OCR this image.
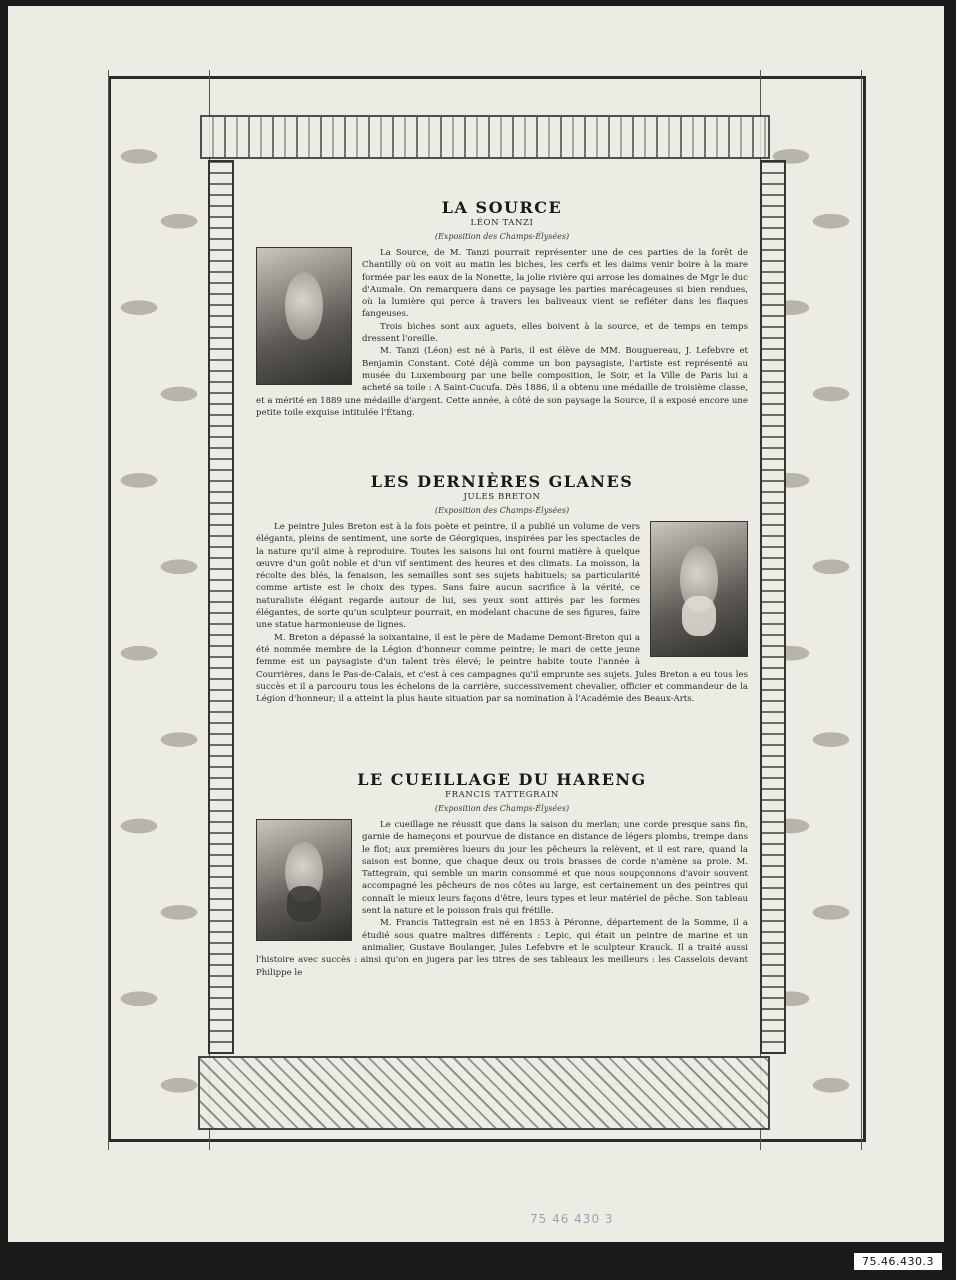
LA SOURCE
LÉON TANZI
(Exposition des Champs-Élysées)

La Source, de M. Tanzi pourrait représenter une de ces parties de la forêt de Chantilly où on voit au matin les biches, les cerfs et les daims venir boire à la mare formée par les eaux de la Nonette, la jolie rivière qui arrose les domaines de Mgr le duc d'Aumale. On remarquera dans ce paysage les parties marécageuses si bien rendues, où la lumière qui perce à travers les baliveaux vient se refléter dans les flaques fangeuses.

Trois biches sont aux aguets, elles boivent à la source, et de temps en temps dressent l'oreille.

M. Tanzi (Léon) est né à Paris, il est élève de MM. Bouguereau, J. Lefebvre et Benjamin Constant. Coté déjà comme un bon paysagiste, l'artiste est représenté au musée du Luxembourg par une belle composition, le Soir, et la Ville de Paris lui a acheté sa toile : A Saint-Cucufa. Dès 1886, il a obtenu une médaille de troisième classe, et a mérité en 1889 une médaille d'argent. Cette année, à côté de son paysage la Source, il a exposé encore une petite toile exquise intitulée l'Étang.

LES DERNIÈRES GLANES
JULES BRETON
(Exposition des Champs-Élysées)

Le peintre Jules Breton est à la fois poète et peintre, il a publié un volume de vers élégants, pleins de sentiment, une sorte de Géorgiques, inspirées par les spectacles de la nature qu'il aime à reproduire. Toutes les saisons lui ont fourni matière à quelque œuvre d'un goût noble et d'un vif sentiment des heures et des climats. La moisson, la récolte des blés, la fenaison, les semailles sont ses sujets habituels; sa particularité comme artiste est le choix des types. Sans faire aucun sacrifice à la vérité, ce naturaliste élégant regarde autour de lui, ses yeux sont attirés par les formes élégantes, de sorte qu'un sculpteur pourrait, en modelant chacune de ses figures, faire une statue harmonieuse de lignes.

M. Breton a dépassé la soixantaine, il est le père de Madame Demont-Breton qui a été nommée membre de la Légion d'honneur comme peintre; le mari de cette jeune femme est un paysagiste d'un talent très élevé; le peintre habite toute l'année à Courrières, dans le Pas-de-Calais, et c'est à ces campagnes qu'il emprunte ses sujets. Jules Breton a eu tous les succès et il a parcouru tous les échelons de la carrière, successivement chevalier, officier et commandeur de la Légion d'honneur; il a atteint la plus haute situation par sa nomination à l'Académie des Beaux-Arts.

LE CUEILLAGE DU HARENG
FRANCIS TATTEGRAIN
(Exposition des Champs-Élysées)

Le cueillage ne réussit que dans la saison du merlan; une corde presque sans fin, garnie de hameçons et pourvue de distance en distance de légers plombs, trempe dans le flot; aux premières lueurs du jour les pêcheurs la relèvent, et il est rare, quand la saison est bonne, que chaque deux ou trois brasses de corde n'amène sa proie. M. Tattegrain, qui semble un marin consommé et que nous soupçonnons d'avoir souvent accompagné les pêcheurs de nos côtes au large, est certainement un des peintres qui connaît le mieux leurs façons d'être, leurs types et leur matériel de pêche. Son tableau sent la nature et le poisson frais qui frétille.

M. Francis Tattegrain est né en 1853 à Péronne, département de la Somme, il a étudié sous quatre maîtres différents : Lepic, qui était un peintre de marine et un animalier, Gustave Boulanger, Jules Lefebvre et le sculpteur Krauck. Il a traité aussi l'histoire avec succès : ainsi qu'on en jugera par les titres de ses tableaux les meilleurs : les Casselois devant Philippe le

75 46 430 3
75.46.430.3
